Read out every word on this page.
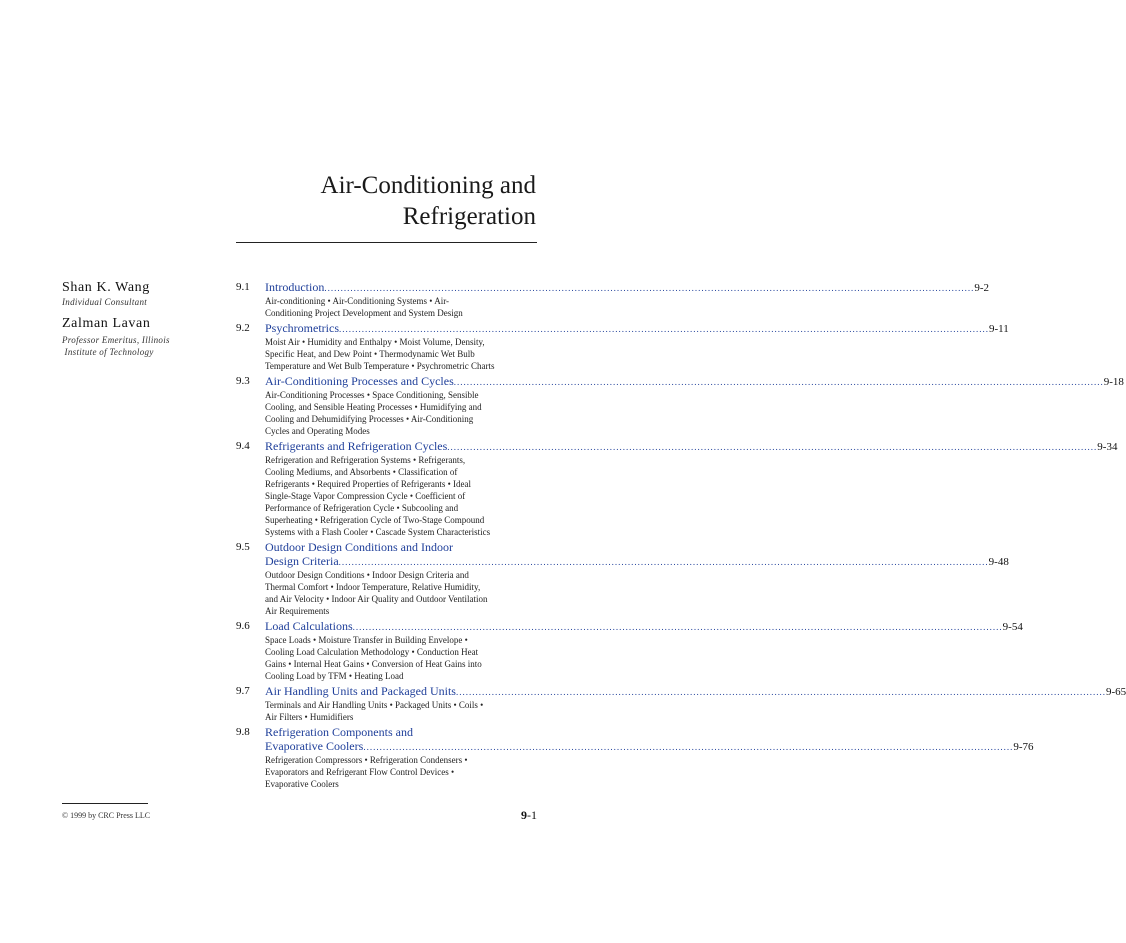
Air-Conditioning and
Refrigeration
Shan K. Wang
Individual Consultant
Zalman Lavan
Professor Emeritus, Illinois
Institute of Technology
9.1 Introduction ........................................................................................................................................................................................................ 9-2
Air-conditioning • Air-Conditioning Systems • Air-
Conditioning Project Development and System Design
9.2 Psychrometrics ........................................................................................................................................................................................................ 9-11
Moist Air • Humidity and Enthalpy • Moist Volume, Density,
Specific Heat, and Dew Point • Thermodynamic Wet Bulb
Temperature and Wet Bulb Temperature • Psychrometric Charts
9.3 Air-Conditioning Processes and Cycles ........................................................................................................................................................................................................ 9-18
Air-Conditioning Processes • Space Conditioning, Sensible
Cooling, and Sensible Heating Processes • Humidifying and
Cooling and Dehumidifying Processes • Air-Conditioning
Cycles and Operating Modes
9.4 Refrigerants and Refrigeration Cycles ........................................................................................................................................................................................................ 9-34
Refrigeration and Refrigeration Systems • Refrigerants,
Cooling Mediums, and Absorbents • Classification of
Refrigerants • Required Properties of Refrigerants • Ideal
Single-Stage Vapor Compression Cycle • Coefficient of
Performance of Refrigeration Cycle • Subcooling and
Superheating • Refrigeration Cycle of Two-Stage Compound
Systems with a Flash Cooler • Cascade System Characteristics
9.5 Outdoor Design Conditions and Indoor
Design Criteria ........................................................................................................................................................................................................ 9-48
Outdoor Design Conditions • Indoor Design Criteria and
Thermal Comfort • Indoor Temperature, Relative Humidity,
and Air Velocity • Indoor Air Quality and Outdoor Ventilation
Air Requirements
9.6 Load Calculations ........................................................................................................................................................................................................ 9-54
Space Loads • Moisture Transfer in Building Envelope •
Cooling Load Calculation Methodology • Conduction Heat
Gains • Internal Heat Gains • Conversion of Heat Gains into
Cooling Load by TFM • Heating Load
9.7 Air Handling Units and Packaged Units ........................................................................................................................................................................................................ 9-65
Terminals and Air Handling Units • Packaged Units • Coils •
Air Filters • Humidifiers
9.8 Refrigeration Components and
Evaporative Coolers ........................................................................................................................................................................................................ 9-76
Refrigeration Compressors • Refrigeration Condensers •
Evaporators and Refrigerant Flow Control Devices •
Evaporative Coolers
© 1999 by CRC Press LLC	9-1
